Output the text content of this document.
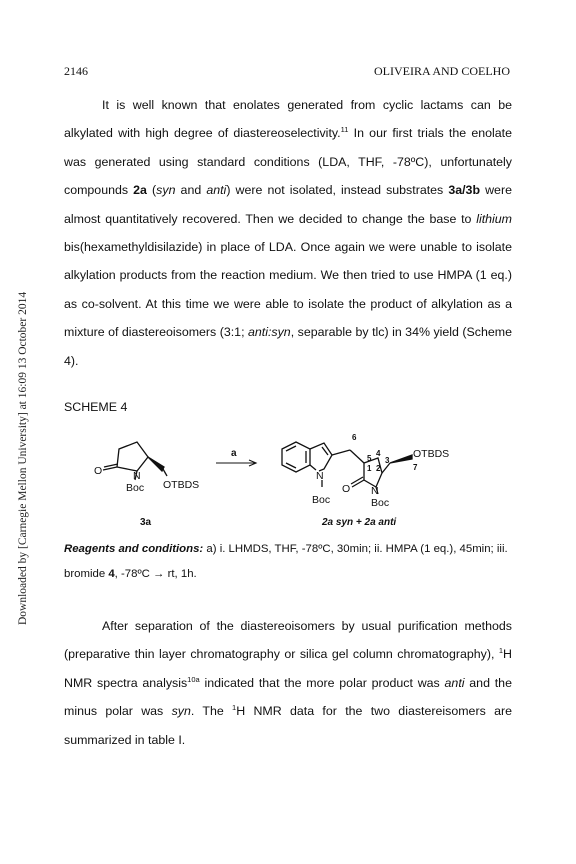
2146	OLIVEIRA AND COELHO
Downloaded by [Carnegie Mellon University] at 16:09 13 October 2014

It is well known that enolates generated from cyclic lactams can be alkylated with high degree of diastereoselectivity.$^{11}$ In our first trials the enolate was generated using standard conditions (LDA, THF, -78ºC), unfortunately compounds 2a (syn and anti) were not isolated, instead substrates 3a/3b were almost quantitatively recovered. Then we decided to change the base to lithium bis(hexamethyldisilazide) in place of LDA. Once again we were unable to isolate alkylation products from the reaction medium. We then tried to use HMPA (1 eq.) as co-solvent. At this time we were able to isolate the product of alkylation as a mixture of diastereoisomers (3:1; anti:syn, separable by tlc) in 34% yield (Scheme 4).

SCHEME 4
O	N
Boc OTBDS
3a
a
N
Boc
O N
Boc
OTBDS
6
5
4
3
2
1	7
2a syn + 2a anti
Reagents and conditions: a) i. LHMDS, THF, -78ºC, 30min; ii. HMPA (1 eq.), 45min; iii. bromide 4, -78ºC → rt, 1h.

After separation of the diastereoisomers by usual purification methods (preparative thin layer chromatography or silica gel column chromatography), $^1$H NMR spectra analysis$^{10a}$ indicated that the more polar product was anti and the minus polar was syn. The $^1$H NMR data for the two diastereisomers are summarized in table I.
